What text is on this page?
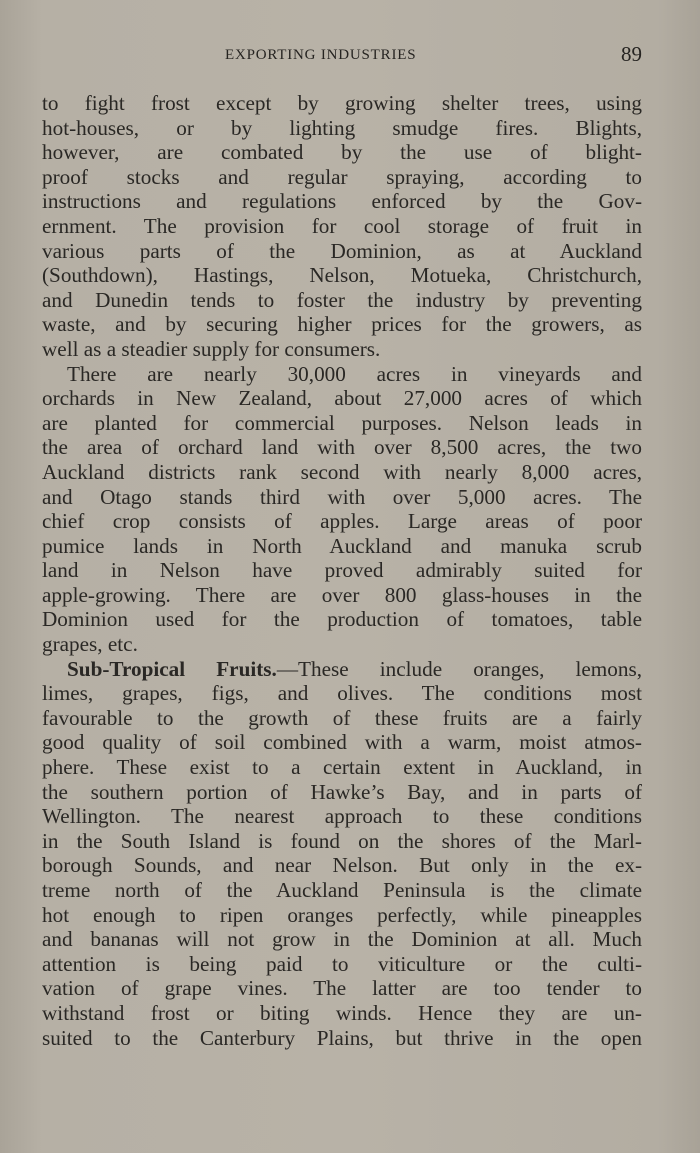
EXPORTING INDUSTRIES	89
to fight frost except by growing shelter trees, using
hot-houses, or by lighting smudge fires. Blights,
however, are combated by the use of blight-
proof stocks and regular spraying, according to
instructions and regulations enforced by the Gov-
ernment. The provision for cool storage of fruit in
various parts of the Dominion, as at Auckland
(Southdown), Hastings, Nelson, Motueka, Christchurch,
and Dunedin tends to foster the industry by preventing
waste, and by securing higher prices for the growers, as
well as a steadier supply for consumers.
There are nearly 30,000 acres in vineyards and
orchards in New Zealand, about 27,000 acres of which
are planted for commercial purposes. Nelson leads in
the area of orchard land with over 8,500 acres, the two
Auckland districts rank second with nearly 8,000 acres,
and Otago stands third with over 5,000 acres. The
chief crop consists of apples. Large areas of poor
pumice lands in North Auckland and manuka scrub
land in Nelson have proved admirably suited for
apple-growing. There are over 800 glass-houses in the
Dominion used for the production of tomatoes, table
grapes, etc.
Sub-Tropical Fruits.—These include oranges, lemons,
limes, grapes, figs, and olives. The conditions most
favourable to the growth of these fruits are a fairly
good quality of soil combined with a warm, moist atmos-
phere. These exist to a certain extent in Auckland, in
the southern portion of Hawke’s Bay, and in parts of
Wellington. The nearest approach to these conditions
in the South Island is found on the shores of the Marl-
borough Sounds, and near Nelson. But only in the ex-
treme north of the Auckland Peninsula is the climate
hot enough to ripen oranges perfectly, while pineapples
and bananas will not grow in the Dominion at all. Much
attention is being paid to viticulture or the culti-
vation of grape vines. The latter are too tender to
withstand frost or biting winds. Hence they are un-
suited to the Canterbury Plains, but thrive in the open
